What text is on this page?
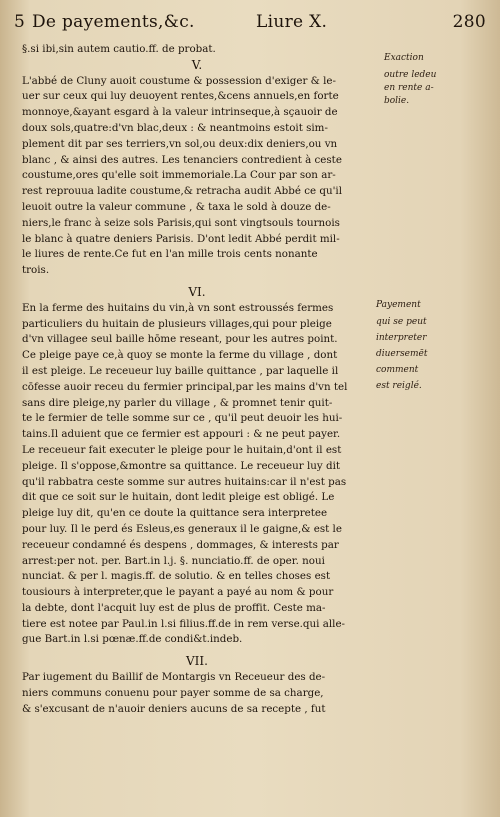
5 De payements,&c.	Liure X.	280
§.si ibi,sin autem cautio.ff. de probat.
V.
L'abbé de Cluny auoit coustume & possession d'exiger & le-
uer sur ceux qui luy deuoyent rentes,&cens annuels,en forte
monnoye,&ayant esgard à la valeur intrinseque,à sçauoir de
doux sols,quatre:d'vn blac,deux : & neantmoins estoit sim-
plement dit par ses terriers,vn sol,ou deux:dix deniers,ou vn
blanc , & ainsi des autres. Les tenanciers contredient à ceste
coustume,ores qu'elle soit immemoriale.La Cour par son ar-
rest reprouua ladite coustume,& retracha audit Abbé ce qu'il
leuoit outre la valeur commune , & taxa le sold à douze de-
niers,le franc à seize sols Parisis,qui sont vingtsouls tournois
le blanc à quatre deniers Parisis. D'ont ledit Abbé perdit mil-
le liures de rente.Ce fut en l'an mille trois cents nonante
trois.
VI.
En la ferme des huitains du vin,à vn sont estroussés fermes
particuliers du huitain de plusieurs villages,qui pour pleige
d'vn villagee seul baille hōme reseant, pour les autres point.
Ce pleige paye ce,à quoy se monte la ferme du village , dont
il est pleige. Le receueur luy baille quittance , par laquelle il
cōfesse auoir receu du fermier principal,par les mains d'vn tel
sans dire pleige,ny parler du village , & promnet tenir quit-
te le fermier de telle somme sur ce , qu'il peut deuoir les hui-
tains.Il aduient que ce fermier est appouri : & ne peut payer.
Le receueur fait executer le pleige pour le huitain,d'ont il est
pleige. Il s'oppose,&montre sa quittance. Le receueur luy dit
qu'il rabbatra ceste somme sur autres huitains:car il n'est pas
dit que ce soit sur le huitain, dont ledit pleige est obligé. Le
pleige luy dit, qu'en ce doute la quittance sera interpretee
pour luy. Il le perd és Esleus,es generaux il le gaigne,& est le
receueur condamné és despens , dommages, & interests par
arrest:per not. per. Bart.in l.j. §. nunciatio.ff. de oper. noui
nunciat. & per l. magis.ff. de solutio. & en telles choses est
tousiours à interpreter,que le payant a payé au nom & pour
la debte, dont l'acquit luy est de plus de proffit. Ceste ma-
tiere est notee par Paul.in l.si filius.ff.de in rem verse.qui alle-
gue Bart.in l.si pœnæ.ff.de condi&t.indeb.
VII.
Par iugement du Baillif de Montargis vn Receueur des de-
niers communs conuenu pour payer somme de sa charge,
& s'excusant de n'auoir deniers aucuns de sa recepte , fut
Exaction
outre ledeu
en rente a-
bolie.
Payement
qui se peut
interpreter
diuersemēt
comment
est reiglé.
